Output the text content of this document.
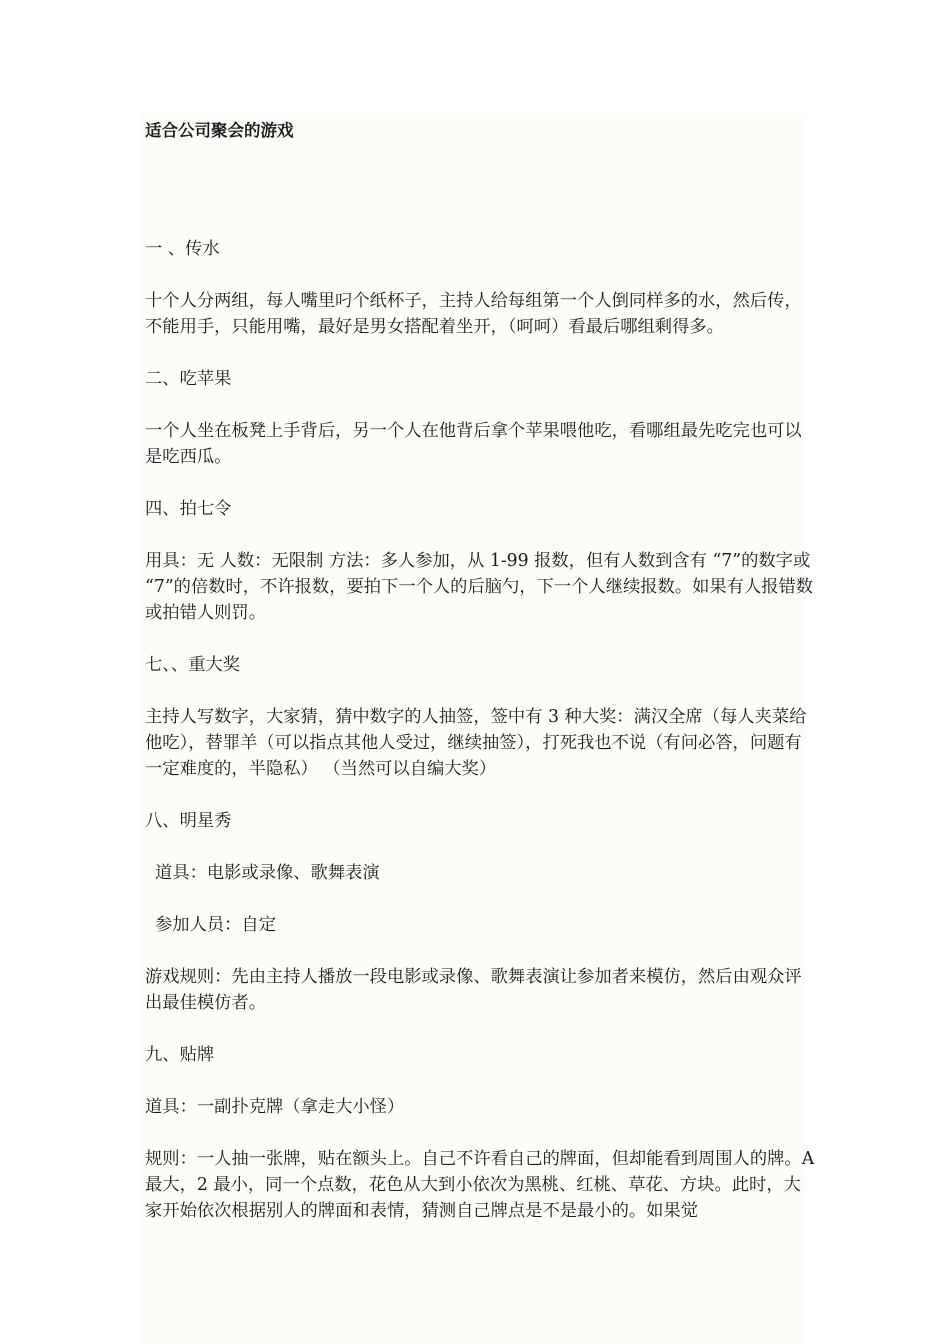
适合公司聚会的游戏

一 、传水

十个人分两组，每人嘴里叼个纸杯子，主持人给每组第一个人倒同样多的水，然后传，不能用手，只能用嘴，最好是男女搭配着坐开，（呵呵）看最后哪组剩得多。

二、吃苹果

一个人坐在板凳上手背后，另一个人在他背后拿个苹果喂他吃，看哪组最先吃完也可以是吃西瓜。

四、拍七令

用具：无 人数：无限制 方法：多人参加，从 1-99 报数，但有人数到含有 “7”的数字或 “7”的倍数时，不许报数，要拍下一个人的后脑勺，下一个人继续报数。如果有人报错数或拍错人则罚。

七、、重大奖

主持人写数字，大家猜，猜中数字的人抽签，签中有 3 种大奖：满汉全席（每人夹菜给他吃），替罪羊（可以指点其他人受过，继续抽签），打死我也不说（有问必答，问题有一定难度的，半隐私） （当然可以自编大奖）

八、明星秀

道具：电影或录像、歌舞表演

参加人员：自定

游戏规则：先由主持人播放一段电影或录像、歌舞表演让参加者来模仿，然后由观众评出最佳模仿者。

九、贴牌

道具：一副扑克牌（拿走大小怪）

规则：一人抽一张牌，贴在额头上。自己不许看自己的牌面，但却能看到周围人的牌。A 最大，2 最小，同一个点数，花色从大到小依次为黑桃、红桃、草花、方块。此时，大家开始依次根据别人的牌面和表情，猜测自己牌点是不是最小的。如果觉
